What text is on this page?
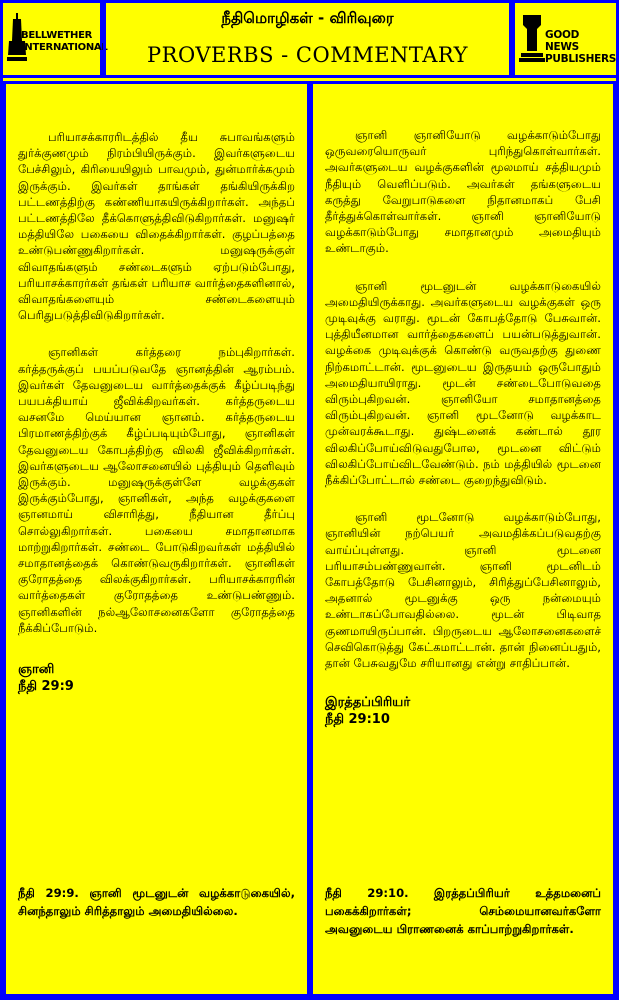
BELLWETHER
INTERNATIONAL
நீதிமொழிகள் - விரிவுரை
PROVERBS - COMMENTARY
GOOD NEWS
PUBLISHERS

பரியாசக்காரரிடத்தில் தீய சுபாவங்களும் துர்க்குணமும் நிரம்பியிருக்கும். இவர்களுடைய பேச்சிலும், கிரியையிலும் பாவமும், துன்மார்க்கமும் இருக்கும். இவர்கள் தாங்கள் தங்கியிருக்கிற பட்டணத்திற்கு கண்ணியாகயிருக்கிறார்கள். அந்தப் பட்டணத்திலே தீக்கொளுத்திவிடுகிறார்கள். மனுஷர் மத்தியிலே பகையை விதைக்கிறார்கள். குழப்பத்தை உண்டுபண்ணுகிறார்கள். மனுஷருக்குள் விவாதங்களும் சண்டைகளும் ஏற்படும்போது, பரியாசக்காரர்கள் தங்கள் பரியாச வார்த்தைகளினால், விவாதங்களையும் சண்டைகளையும் பெரிதுபடுத்திவிடுகிறார்கள்.

ஞானிகள் கர்த்தரை நம்புகிறார்கள். கர்த்தருக்குப் பயப்படுவதே ஞானத்தின் ஆரம்பம். இவர்கள் தேவனுடைய வார்த்தைக்குக் கீழ்ப்படிந்து பயபக்தியாய் ஜீவிக்கிறவர்கள். கர்த்தருடைய வசனமே மெய்யான ஞானம். கர்த்தருடைய பிரமாணத்திற்குக் கீழ்ப்படியும்போது, ஞானிகள் தேவனுடைய கோபத்திற்கு விலகி ஜீவிக்கிறார்கள். இவர்களுடைய ஆலோசனையில் புத்தியும் தெளிவும் இருக்கும். மனுஷருக்குள்ளே வழக்குகள் இருக்கும்போது, ஞானிகள், அந்த வழக்குகளை ஞானமாய் விசாரித்து, நீதியான தீர்ப்பு சொல்லுகிறார்கள். பகையை சமாதானமாக மாற்றுகிறார்கள். சண்டை போடுகிறவர்கள் மத்தியில் சமாதானத்தைக் கொண்டுவருகிறார்கள். ஞானிகள் குரோதத்தை விலக்குகிறார்கள். பரியாசக்காரரின் வார்த்தைகள் குரோதத்தை உண்டுபண்ணும். ஞானிகளின் நல்ஆலோசனைகளோ குரோதத்தை நீக்கிப்போடும்.

ஞானி

நீதி 29:9

நீதி 29:9. ஞானி மூடனுடன் வழக்காடுகையில், சினந்தாலும் சிரித்தாலும் அமைதியில்லை.

ஞானி ஞானியோடு வழக்காடும்போது ஒருவரையொருவர் புரிந்துகொள்வார்கள். அவர்களுடைய வழக்குகளின் மூலமாய் சத்தியமும் நீதியும் வெளிப்படும். அவர்கள் தங்களுடைய கருத்து வேறுபாடுகளை நிதானமாகப் பேசி தீர்த்துக்கொள்வார்கள். ஞானி ஞானியோடு வழக்காடும்போது சமாதானமும் அமைதியும் உண்டாகும்.

ஞானி மூடனுடன் வழக்காடுகையில் அமைதியிருக்காது. அவர்களுடைய வழக்குகள் ஒரு முடிவுக்கு வராது. மூடன் கோபத்தோடு பேசுவான். புத்தியீனமான வார்த்தைகளைப் பயன்படுத்துவான். வழக்கை முடிவுக்குக் கொண்டு வருவதற்கு துணை நிற்கமாட்டான். மூடனுடைய இருதயம் ஒருபோதும் அமைதியாயிராது. மூடன் சண்டைபோடுவதை விரும்புகிறவன். ஞானியோ சமாதானத்தை விரும்புகிறவன். ஞானி மூடனோடு வழக்காட முன்வரக்கூடாது. துஷ்டனைக் கண்டால் தூர விலகிப்போய்விடுவதுபோல, மூடனை விட்டும் விலகிப்போய்விடவேண்டும். நம் மத்தியில் மூடனை நீக்கிப்போட்டால் சண்டை குறைந்துவிடும்.

ஞானி மூடனோடு வழக்காடும்போது, ஞானியின் நற்பெயர் அவமதிக்கப்படுவதற்கு வாய்ப்புள்ளது. ஞானி மூடனை பரியாசம்பண்ணுவான். ஞானி மூடனிடம் கோபத்தோடு பேசினாலும், சிரித்துப்பேசினாலும், அதனால் மூடனுக்கு ஒரு நன்மையும் உண்டாகப்போவதில்லை. மூடன் பிடிவாத குணமாயிருப்பான். பிறருடைய ஆலோசனைகளைச் செவிகொடுத்து கேட்கமாட்டான். தான் நினைப்பதும், தான் பேசுவதுமே சரியானது என்று சாதிப்பான்.

இரத்தப்பிரியர்

நீதி 29:10

நீதி 29:10. இரத்தப்பிரியர் உத்தமனைப் பகைக்கிறார்கள்; செம்மையானவர்களோ அவனுடைய பிராணனைக் காப்பாற்றுகிறார்கள்.
